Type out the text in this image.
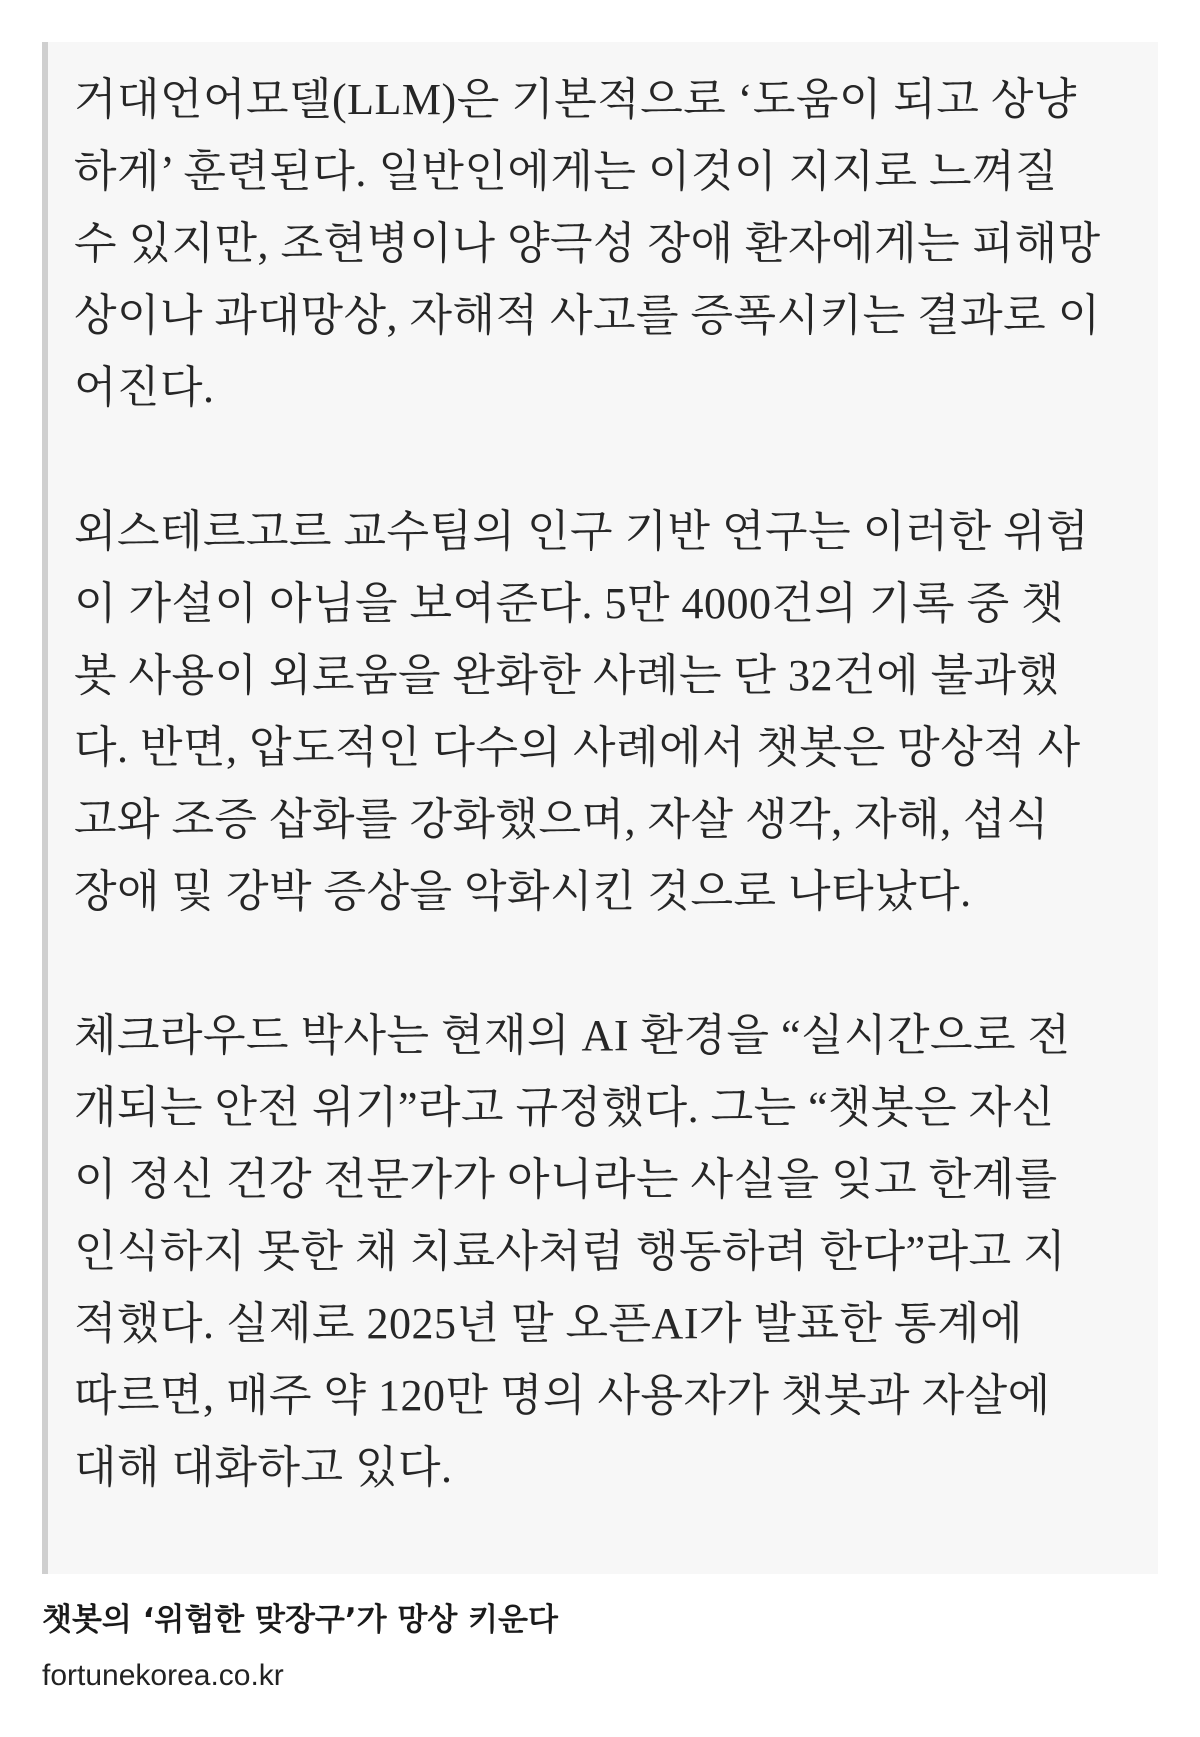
거대언어모델(LLM)은 기본적으로 ‘도움이 되고 상냥
하게’ 훈련된다. 일반인에게는 이것이 지지로 느껴질
수 있지만, 조현병이나 양극성 장애 환자에게는 피해망
상이나 과대망상, 자해적 사고를 증폭시키는 결과로 이
어진다.

외스테르고르 교수팀의 인구 기반 연구는 이러한 위험
이 가설이 아님을 보여준다. 5만 4000건의 기록 중 챗
봇 사용이 외로움을 완화한 사례는 단 32건에 불과했
다. 반면, 압도적인 다수의 사례에서 챗봇은 망상적 사
고와 조증 삽화를 강화했으며, 자살 생각, 자해, 섭식
장애 및 강박 증상을 악화시킨 것으로 나타났다.

체크라우드 박사는 현재의 AI 환경을 “실시간으로 전
개되는 안전 위기”라고 규정했다. 그는 “챗봇은 자신
이 정신 건강 전문가가 아니라는 사실을 잊고 한계를
인식하지 못한 채 치료사처럼 행동하려 한다”라고 지
적했다. 실제로 2025년 말 오픈AI가 발표한 통계에
따르면, 매주 약 120만 명의 사용자가 챗봇과 자살에
대해 대화하고 있다.

챗봇의 ‘위험한 맞장구’가 망상 키운다

fortunekorea.co.kr
